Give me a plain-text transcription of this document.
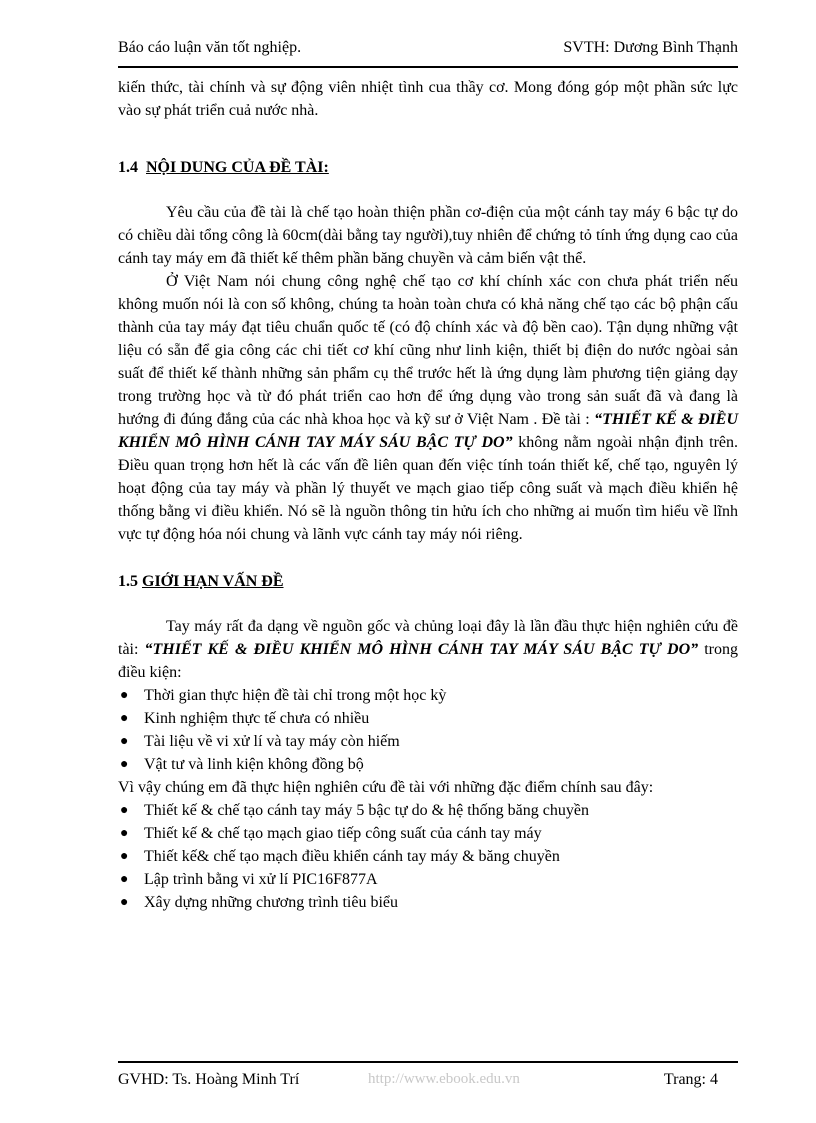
Báo cáo luận văn tốt nghiệp.	SVTH: Dương Bình Thạnh

kiến thức, tài chính và sự động viên nhiệt tình cua thầy cơ. Mong đóng góp một phần sức lực vào sự phát triển cuả nước nhà.

1.4 NỘI DUNG CỦA ĐỀ TÀI:

Yêu cầu của đề tài là chế tạo hoàn thiện phần cơ-điện của một cánh tay máy 6 bậc tự do có chiều dài tổng công là 60cm(dài bằng tay người),tuy nhiên để chứng tỏ tính ứng dụng cao của cánh tay máy em đã thiết kế thêm phần băng chuyền và cảm biến vật thể.

Ở Việt Nam nói chung công nghệ chế tạo cơ khí chính xác con chưa phát triển nếu không muốn nói là con số không, chúng ta hoàn toàn chưa có khả năng chế tạo các bộ phận cấu thành của tay máy đạt tiêu chuẩn quốc tế (có độ chính xác và độ bền cao). Tận dụng những vật liệu có sẵn để gia công các chi tiết cơ khí cũng như linh kiện, thiết bị điện do nước ngòai sản suất để thiết kế thành những sản phẩm cụ thể trước hết là ứng dụng làm phương tiện giảng dạy trong trường học và từ đó phát triển cao hơn để ứng dụng vào trong sản suất đã và đang là hướng đi đúng đắng của các nhà khoa học và kỹ sư ở Việt Nam . Đề tài : “THIẾT KẾ & ĐIỀU KHIỂN MÔ HÌNH CÁNH TAY MÁY SÁU BẬC TỰ DO” không nằm ngoài nhận định trên. Điều quan trọng hơn hết là các vấn đề liên quan đến việc tính toán thiết kế, chế tạo, nguyên lý hoạt động của tay máy và phần lý thuyết ve mạch giao tiếp công suất và mạch điều khiển hệ thống bằng vi điều khiển. Nó sẽ là nguồn thông tin hửu ích cho những ai muốn tìm hiểu về lĩnh vực tự động hóa nói chung và lãnh vực cánh tay máy nói riêng.

1.5 GIỚI HẠN VẤN ĐỀ

Tay máy rất đa dạng về nguồn gốc và chủng loại đây là lần đầu thực hiện nghiên cứu đề tài: “THIẾT KẾ & ĐIỀU KHIỂN MÔ HÌNH CÁNH TAY MÁY SÁU BẬC TỰ DO” trong điều kiện:

● Thời gian thực hiện đề tài chỉ trong một học kỳ
● Kinh nghiệm thực tế chưa có nhiều
● Tài liệu về vi xử lí và tay máy còn hiếm
● Vật tư và linh kiện không đồng bộ

Vì vậy chúng em đã thực hiện nghiên cứu đề tài với những đặc điểm chính sau đây:

● Thiết kế & chế tạo cánh tay máy 5 bậc tự do & hệ thống băng chuyền
● Thiết kế & chế tạo mạch giao tiếp công suất của cánh tay máy
● Thiết kế& chế tạo mạch điều khiển cánh tay máy & băng chuyền
● Lập trình bằng vi xử lí PIC16F877A
● Xây dựng những chương trình tiêu biểu
GVHD: Ts. Hoàng Minh Trí	http://www.ebook.edu.vn	Trang: 4
